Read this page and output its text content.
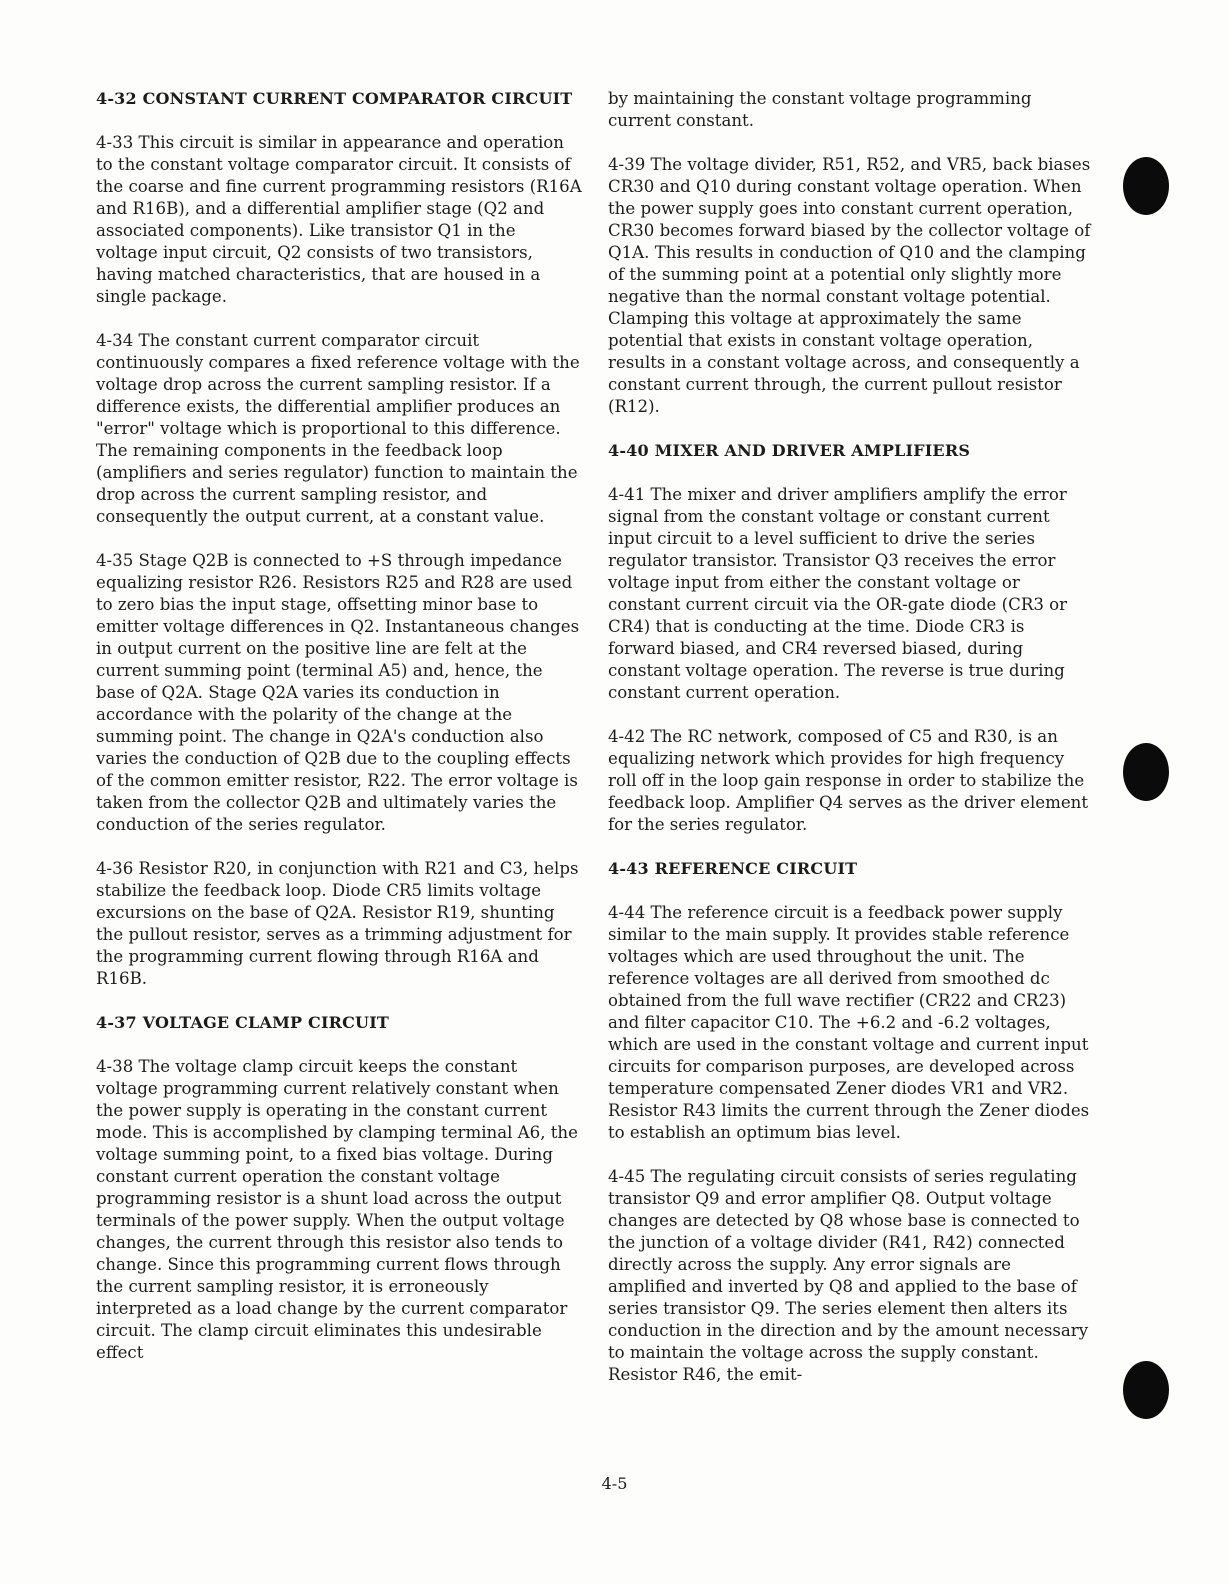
4-32 CONSTANT CURRENT COMPARATOR CIRCUIT

4-33 This circuit is similar in appearance and operation to the constant voltage comparator circuit. It consists of the coarse and fine current programming resistors (R16A and R16B), and a differential amplifier stage (Q2 and associated components). Like transistor Q1 in the voltage input circuit, Q2 consists of two transistors, having matched characteristics, that are housed in a single package.

4-34 The constant current comparator circuit continuously compares a fixed reference voltage with the voltage drop across the current sampling resistor. If a difference exists, the differential amplifier produces an "error" voltage which is proportional to this difference. The remaining components in the feedback loop (amplifiers and series regulator) function to maintain the drop across the current sampling resistor, and consequently the output current, at a constant value.

4-35 Stage Q2B is connected to +S through impedance equalizing resistor R26. Resistors R25 and R28 are used to zero bias the input stage, offsetting minor base to emitter voltage differences in Q2. Instantaneous changes in output current on the positive line are felt at the current summing point (terminal A5) and, hence, the base of Q2A. Stage Q2A varies its conduction in accordance with the polarity of the change at the summing point. The change in Q2A's conduction also varies the conduction of Q2B due to the coupling effects of the common emitter resistor, R22. The error voltage is taken from the collector Q2B and ultimately varies the conduction of the series regulator.

4-36 Resistor R20, in conjunction with R21 and C3, helps stabilize the feedback loop. Diode CR5 limits voltage excursions on the base of Q2A. Resistor R19, shunting the pullout resistor, serves as a trimming adjustment for the programming current flowing through R16A and R16B.

4-37 VOLTAGE CLAMP CIRCUIT

4-38 The voltage clamp circuit keeps the constant voltage programming current relatively constant when the power supply is operating in the constant current mode. This is accomplished by clamping terminal A6, the voltage summing point, to a fixed bias voltage. During constant current operation the constant voltage programming resistor is a shunt load across the output terminals of the power supply. When the output voltage changes, the current through this resistor also tends to change. Since this programming current flows through the current sampling resistor, it is erroneously interpreted as a load change by the current comparator circuit. The clamp circuit eliminates this undesirable effect

by maintaining the constant voltage programming current constant.

4-39 The voltage divider, R51, R52, and VR5, back biases CR30 and Q10 during constant voltage operation. When the power supply goes into constant current operation, CR30 becomes forward biased by the collector voltage of Q1A. This results in conduction of Q10 and the clamping of the summing point at a potential only slightly more negative than the normal constant voltage potential. Clamping this voltage at approximately the same potential that exists in constant voltage operation, results in a constant voltage across, and consequently a constant current through, the current pullout resistor (R12).

4-40 MIXER AND DRIVER AMPLIFIERS

4-41 The mixer and driver amplifiers amplify the error signal from the constant voltage or constant current input circuit to a level sufficient to drive the series regulator transistor. Transistor Q3 receives the error voltage input from either the constant voltage or constant current circuit via the OR-gate diode (CR3 or CR4) that is conducting at the time. Diode CR3 is forward biased, and CR4 reversed biased, during constant voltage operation. The reverse is true during constant current operation.

4-42 The RC network, composed of C5 and R30, is an equalizing network which provides for high frequency roll off in the loop gain response in order to stabilize the feedback loop. Amplifier Q4 serves as the driver element for the series regulator.

4-43 REFERENCE CIRCUIT

4-44 The reference circuit is a feedback power supply similar to the main supply. It provides stable reference voltages which are used throughout the unit. The reference voltages are all derived from smoothed dc obtained from the full wave rectifier (CR22 and CR23) and filter capacitor C10. The +6.2 and -6.2 voltages, which are used in the constant voltage and current input circuits for comparison purposes, are developed across temperature compensated Zener diodes VR1 and VR2. Resistor R43 limits the current through the Zener diodes to establish an optimum bias level.

4-45 The regulating circuit consists of series regulating transistor Q9 and error amplifier Q8. Output voltage changes are detected by Q8 whose base is connected to the junction of a voltage divider (R41, R42) connected directly across the supply. Any error signals are amplified and inverted by Q8 and applied to the base of series transistor Q9. The series element then alters its conduction in the direction and by the amount necessary to maintain the voltage across the supply constant. Resistor R46, the emit-

4-5
